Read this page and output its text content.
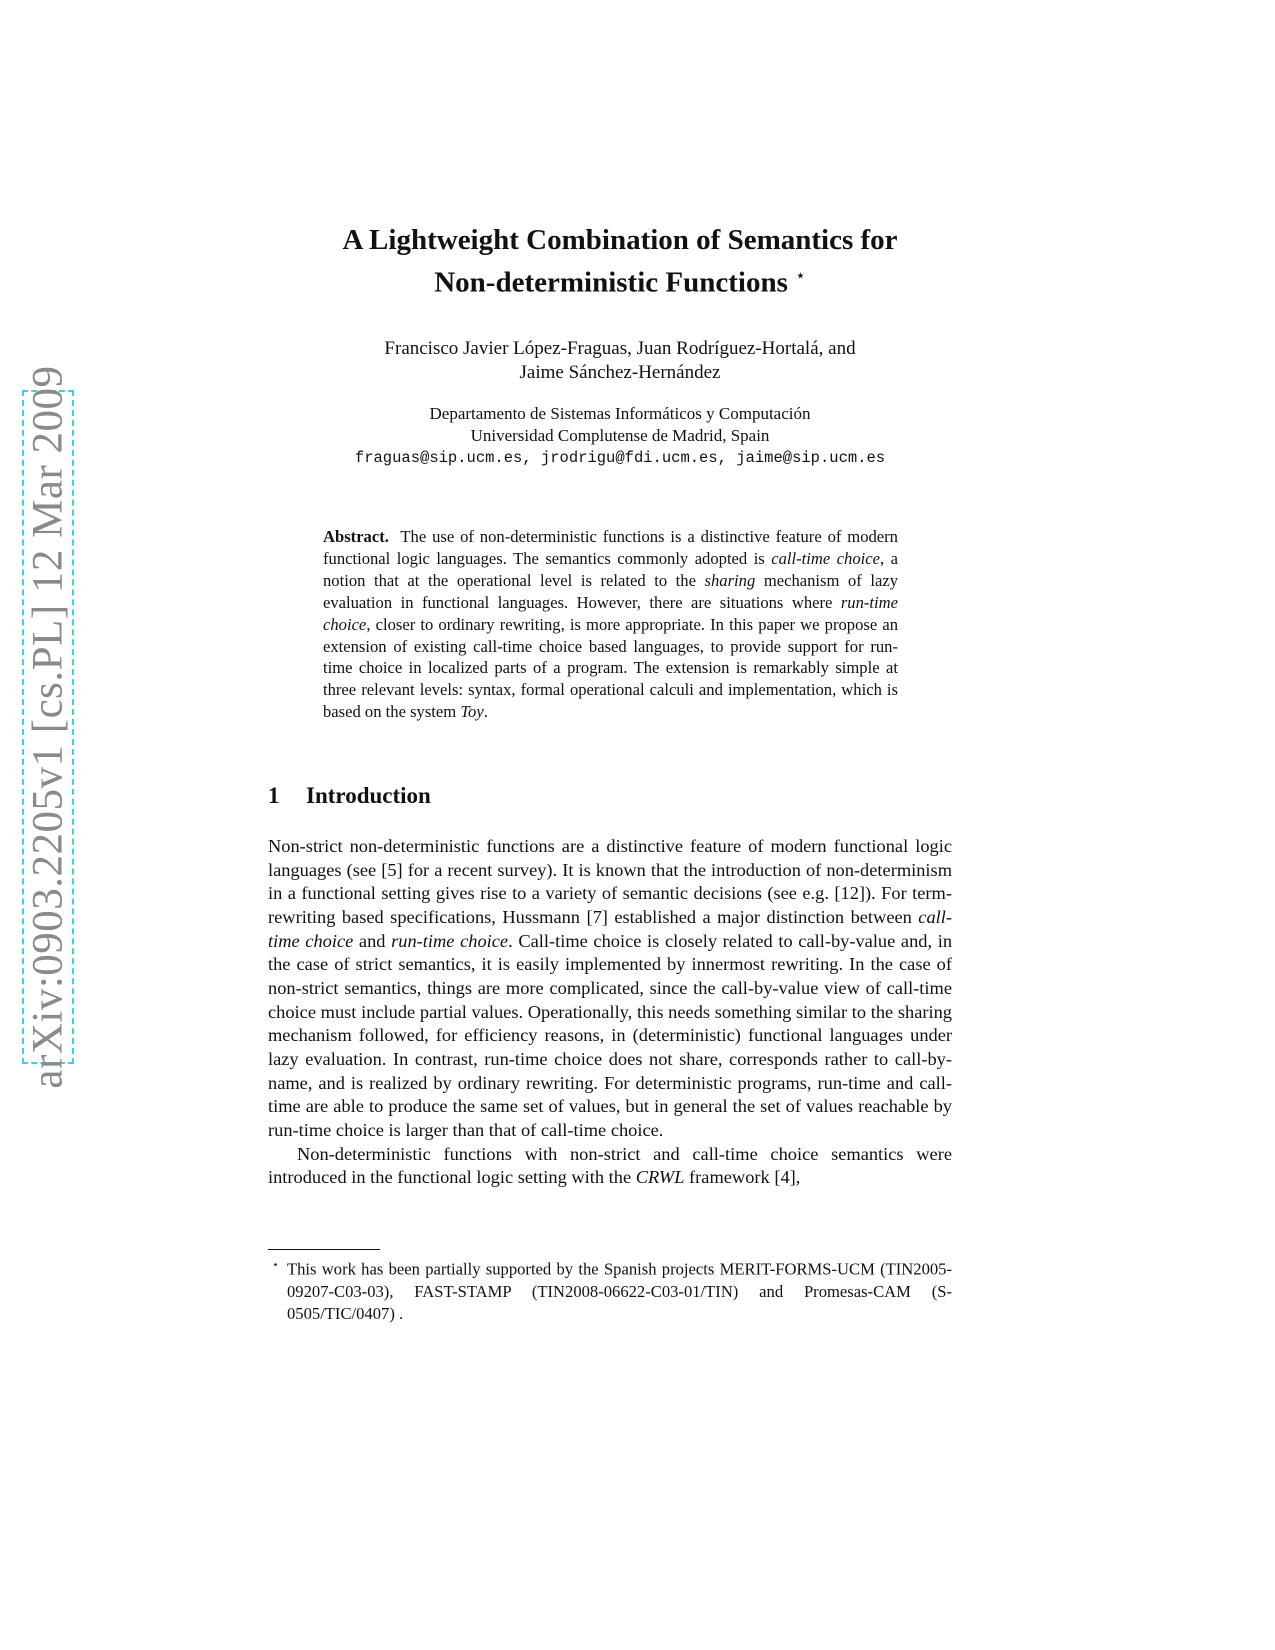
arXiv:0903.2205v1 [cs.PL] 12 Mar 2009
A Lightweight Combination of Semantics for
Non-deterministic Functions ⋆
Francisco Javier López-Fraguas, Juan Rodríguez-Hortalá, and
Jaime Sánchez-Hernández
Departamento de Sistemas Informáticos y Computación
Universidad Complutense de Madrid, Spain
fraguas@sip.ucm.es, jrodrigu@fdi.ucm.es, jaime@sip.ucm.es
Abstract. The use of non-deterministic functions is a distinctive feature of modern functional logic languages. The semantics commonly adopted is call-time choice, a notion that at the operational level is related to the sharing mechanism of lazy evaluation in functional languages. However, there are situations where run-time choice, closer to ordinary rewriting, is more appropriate. In this paper we propose an extension of existing call-time choice based languages, to provide support for run-time choice in localized parts of a program. The extension is remarkably simple at three relevant levels: syntax, formal operational calculi and implementation, which is based on the system Toy.
1 Introduction

Non-strict non-deterministic functions are a distinctive feature of modern functional logic languages (see [5] for a recent survey). It is known that the introduction of non-determinism in a functional setting gives rise to a variety of semantic decisions (see e.g. [12]). For term-rewriting based specifications, Hussmann [7] established a major distinction between call-time choice and run-time choice. Call-time choice is closely related to call-by-value and, in the case of strict semantics, it is easily implemented by innermost rewriting. In the case of non-strict semantics, things are more complicated, since the call-by-value view of call-time choice must include partial values. Operationally, this needs something similar to the sharing mechanism followed, for efficiency reasons, in (deterministic) functional languages under lazy evaluation. In contrast, run-time choice does not share, corresponds rather to call-by-name, and is realized by ordinary rewriting. For deterministic programs, run-time and call-time are able to produce the same set of values, but in general the set of values reachable by run-time choice is larger than that of call-time choice.

Non-deterministic functions with non-strict and call-time choice semantics were introduced in the functional logic setting with the CRWL framework [4],

⋆ This work has been partially supported by the Spanish projects MERIT-FORMS-UCM (TIN2005-09207-C03-03), FAST-STAMP (TIN2008-06622-C03-01/TIN) and Promesas-CAM (S-0505/TIC/0407) .
